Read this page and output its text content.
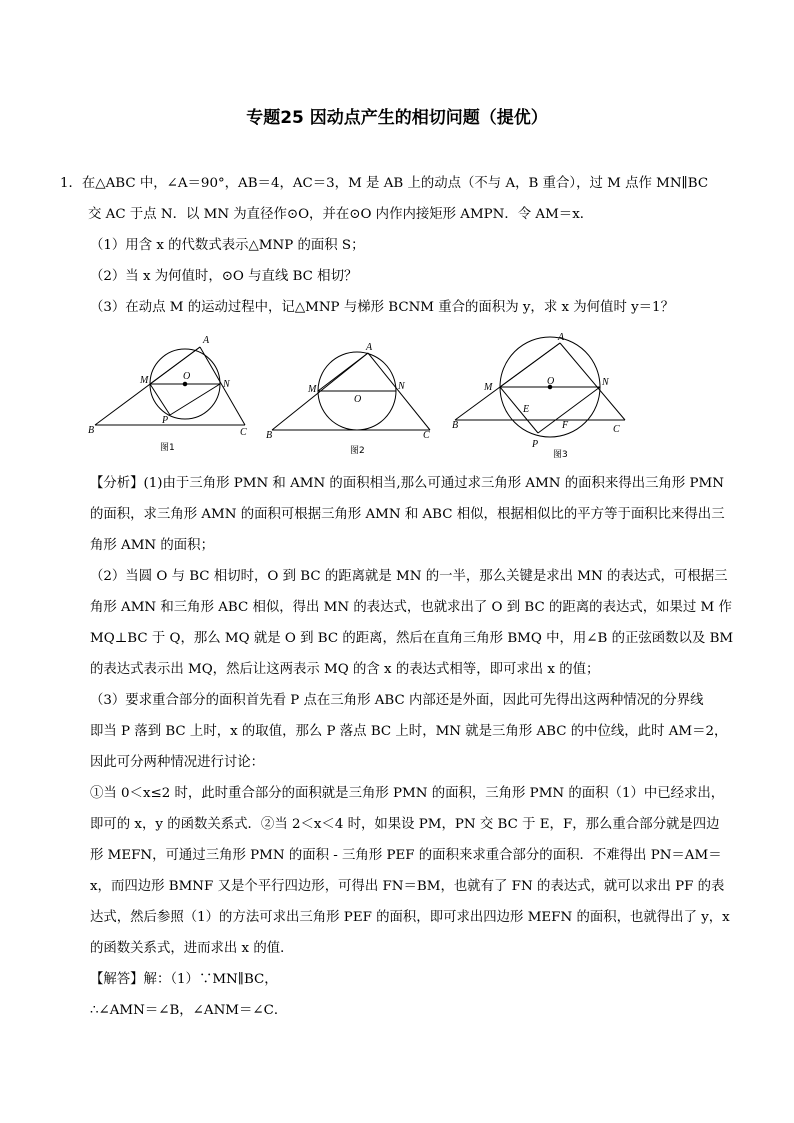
专题25 因动点产生的相切问题（提优）
1．在△ABC 中，∠A＝90°，AB＝4，AC＝3，M 是 AB 上的动点（不与 A，B 重合），过 M 点作 MN∥BC
交 AC 于点 N．以 MN 为直径作⊙O，并在⊙O 内作内接矩形 AMPN．令 AM＝x．
（1）用含 x 的代数式表示△MNP 的面积 S；
（2）当 x 为何值时，⊙O 与直线 BC 相切？
（3）在动点 M 的运动过程中，记△MNP 与梯形 BCNM 重合的面积为 y，求 x 为何值时 y＝1？
A
M	N
O
P
B	C
图1
A
M	N
O
B	C
图2
A
M	N
O
P
B	C
E
F
图3
【分析】(1)由于三角形 PMN 和 AMN 的面积相当,那么可通过求三角形 AMN 的面积来得出三角形 PMN
的面积，求三角形 AMN 的面积可根据三角形 AMN 和 ABC 相似，根据相似比的平方等于面积比来得出三
角形 AMN 的面积；
（2）当圆 O 与 BC 相切时，O 到 BC 的距离就是 MN 的一半，那么关键是求出 MN 的表达式，可根据三
角形 AMN 和三角形 ABC 相似，得出 MN 的表达式，也就求出了 O 到 BC 的距离的表达式，如果过 M 作
MQ⊥BC 于 Q，那么 MQ 就是 O 到 BC 的距离，然后在直角三角形 BMQ 中，用∠B 的正弦函数以及 BM
的表达式表示出 MQ，然后让这两表示 MQ 的含 x 的表达式相等，即可求出 x 的值；
（3）要求重合部分的面积首先看 P 点在三角形 ABC 内部还是外面，因此可先得出这两种情况的分界线
即当 P 落到 BC 上时，x 的取值，那么 P 落点 BC 上时，MN 就是三角形 ABC 的中位线，此时 AM＝2，
因此可分两种情况进行讨论：
①当 0＜x≤2 时，此时重合部分的面积就是三角形 PMN 的面积，三角形 PMN 的面积（1）中已经求出，
即可的 x，y 的函数关系式．②当 2＜x＜4 时，如果设 PM，PN 交 BC 于 E，F，那么重合部分就是四边
形 MEFN，可通过三角形 PMN 的面积 - 三角形 PEF 的面积来求重合部分的面积．不难得出 PN＝AM＝
x，而四边形 BMNF 又是个平行四边形，可得出 FN＝BM，也就有了 FN 的表达式，就可以求出 PF 的表
达式，然后参照（1）的方法可求出三角形 PEF 的面积，即可求出四边形 MEFN 的面积，也就得出了 y，x
的函数关系式，进而求出 x 的值．
【解答】解：（1）∵MN∥BC，
∴∠AMN＝∠B，∠ANM＝∠C．
